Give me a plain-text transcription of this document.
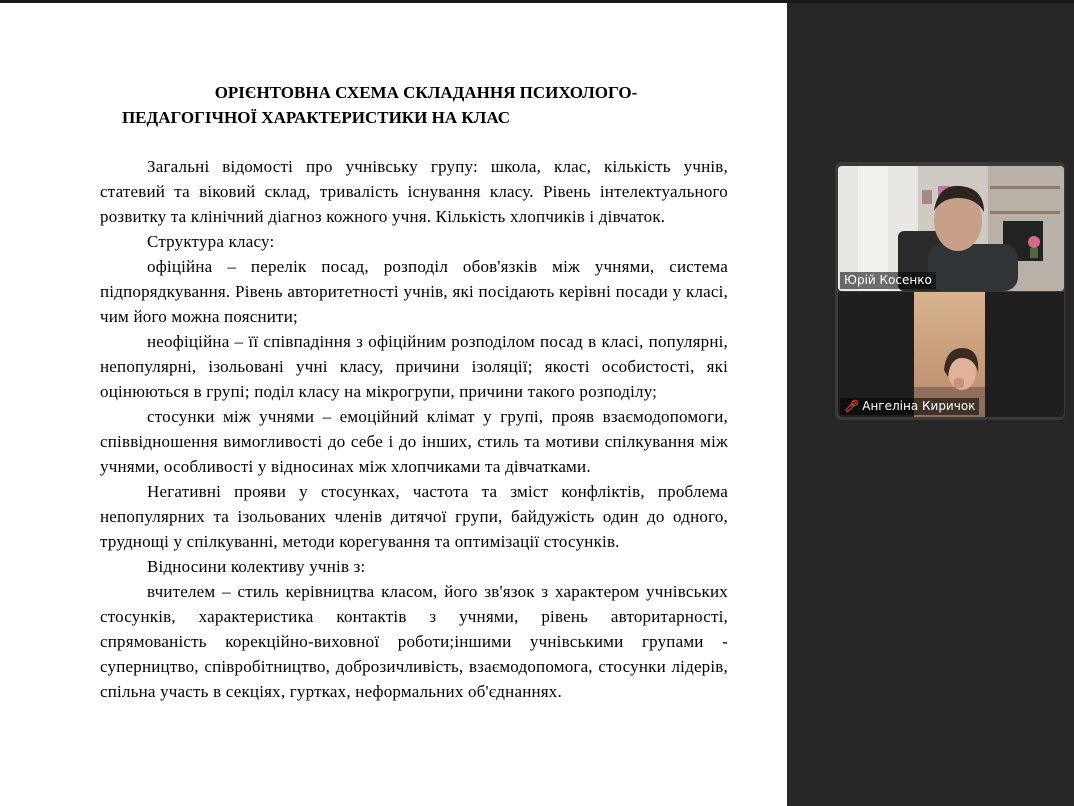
ОРІЄНТОВНА СХЕМА СКЛАДАННЯ ПСИХОЛОГО-
ПЕДАГОГІЧНОЇ ХАРАКТЕРИСТИКИ НА КЛАС

Загальні відомості про учнівську групу: школа, клас, кількість учнів, статевий та віковий склад, тривалість існування класу. Рівень інтелектуального розвитку та клінічний діагноз кожного учня. Кількість хлопчиків і дівчаток.

Структура класу:

офіційна – перелік посад, розподіл обов'язків між учнями, система підпорядкування. Рівень авторитетності учнів, які посідають керівні посади у класі, чим його можна пояснити;

неофіційна – її співпадіння з офіційним розподілом посад в класі, популярні, непопулярні, ізольовані учні класу, причини ізоляції; якості особистості, які оцінюються в групі; поділ класу на мікрогрупи, причини такого розподілу;

стосунки між учнями – емоційний клімат у групі, прояв взаємодопомоги, співвідношення вимогливості до себе і до інших, стиль та мотиви спілкування між учнями, особливості у відносинах між хлопчиками та дівчатками.

Негативні прояви у стосунках, частота та зміст конфліктів, проблема непопулярних та ізольованих членів дитячої групи, байдужість один до одного, труднощі у спілкуванні, методи корегування та оптимізації стосунків.

Відносини колективу учнів з:

вчителем – стиль керівництва класом, його зв'язок з характером учнівських стосунків, характеристика контактів з учнями, рівень авторитарності, спрямованість корекційно-виховної роботи;іншими учнівськими групами - суперництво, співробітництво, доброзичливість, взаємодопомога, стосунки лідерів, спільна участь в секціях, гуртках, неформальних об'єднаннях.

Юрій Косенко
🎤︎ Ангеліна Киричок
